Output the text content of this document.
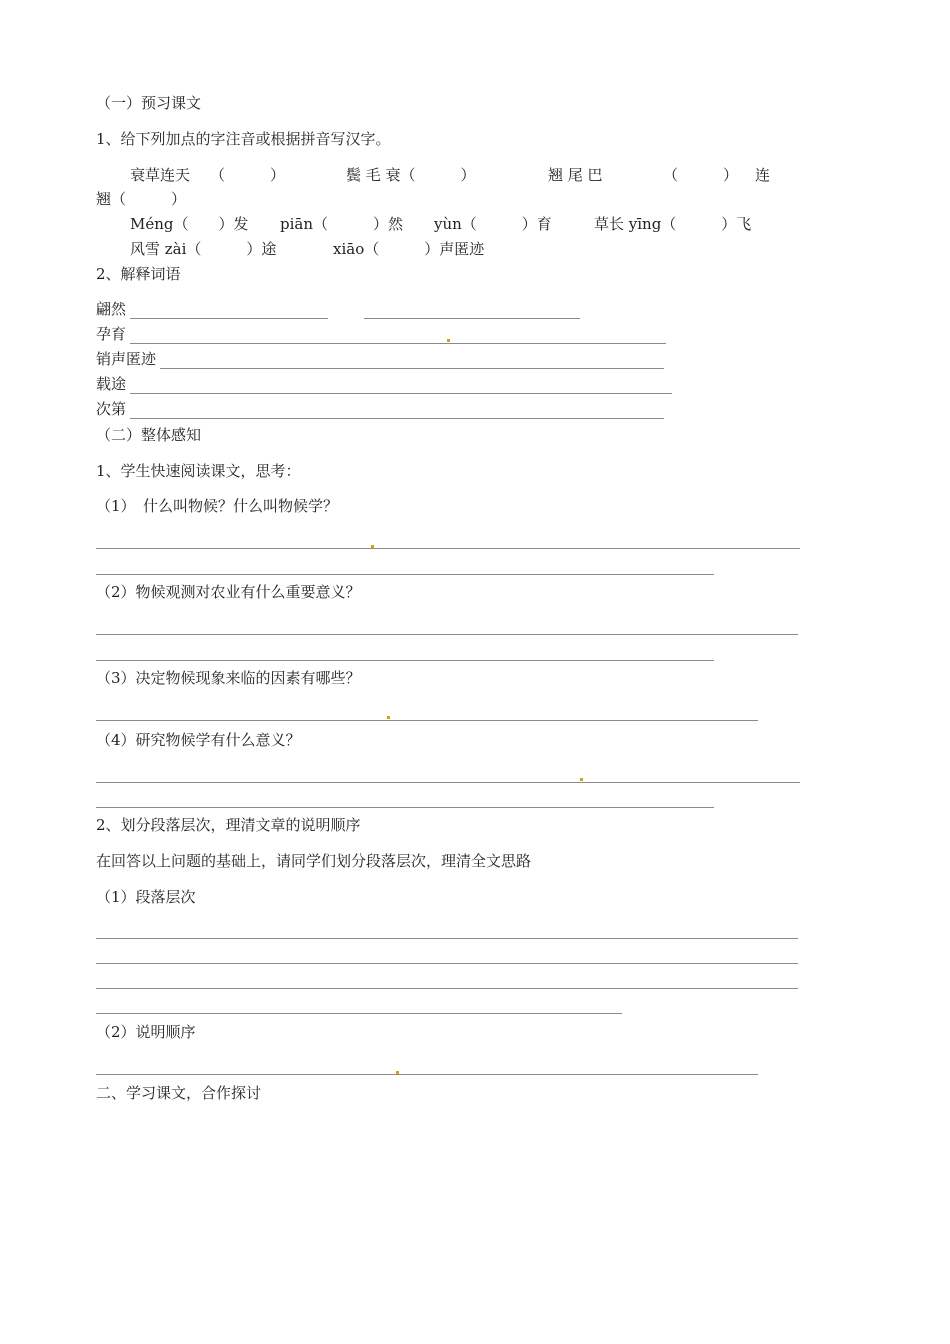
（一）预习课文
1、给下列加点的字注音或根据拼音写汉字。
衰草连天 （　　　）	鬓 毛 衰（　　　）	翘 尾 巴	（　　　） 连
翘（　　　）
Méng（　　）发 piān（　　　）然 yùn（　　　）育	草长 yīng（　　　）飞
风雪 zài（　　　）途	xiāo（　　　）声匿迹
2、解释词语
翩然
孕育
销声匿迹
载途
次第
（二）整体感知
1、学生快速阅读课文，思考：
（1）　什么叫物候？什么叫物候学？
（2）物候观测对农业有什么重要意义？
（3）决定物候现象来临的因素有哪些？
（4）研究物候学有什么意义？
2、划分段落层次，理清文章的说明顺序
在回答以上问题的基础上，请同学们划分段落层次，理清全文思路
（1）段落层次
（2）说明顺序
二、学习课文，合作探讨
